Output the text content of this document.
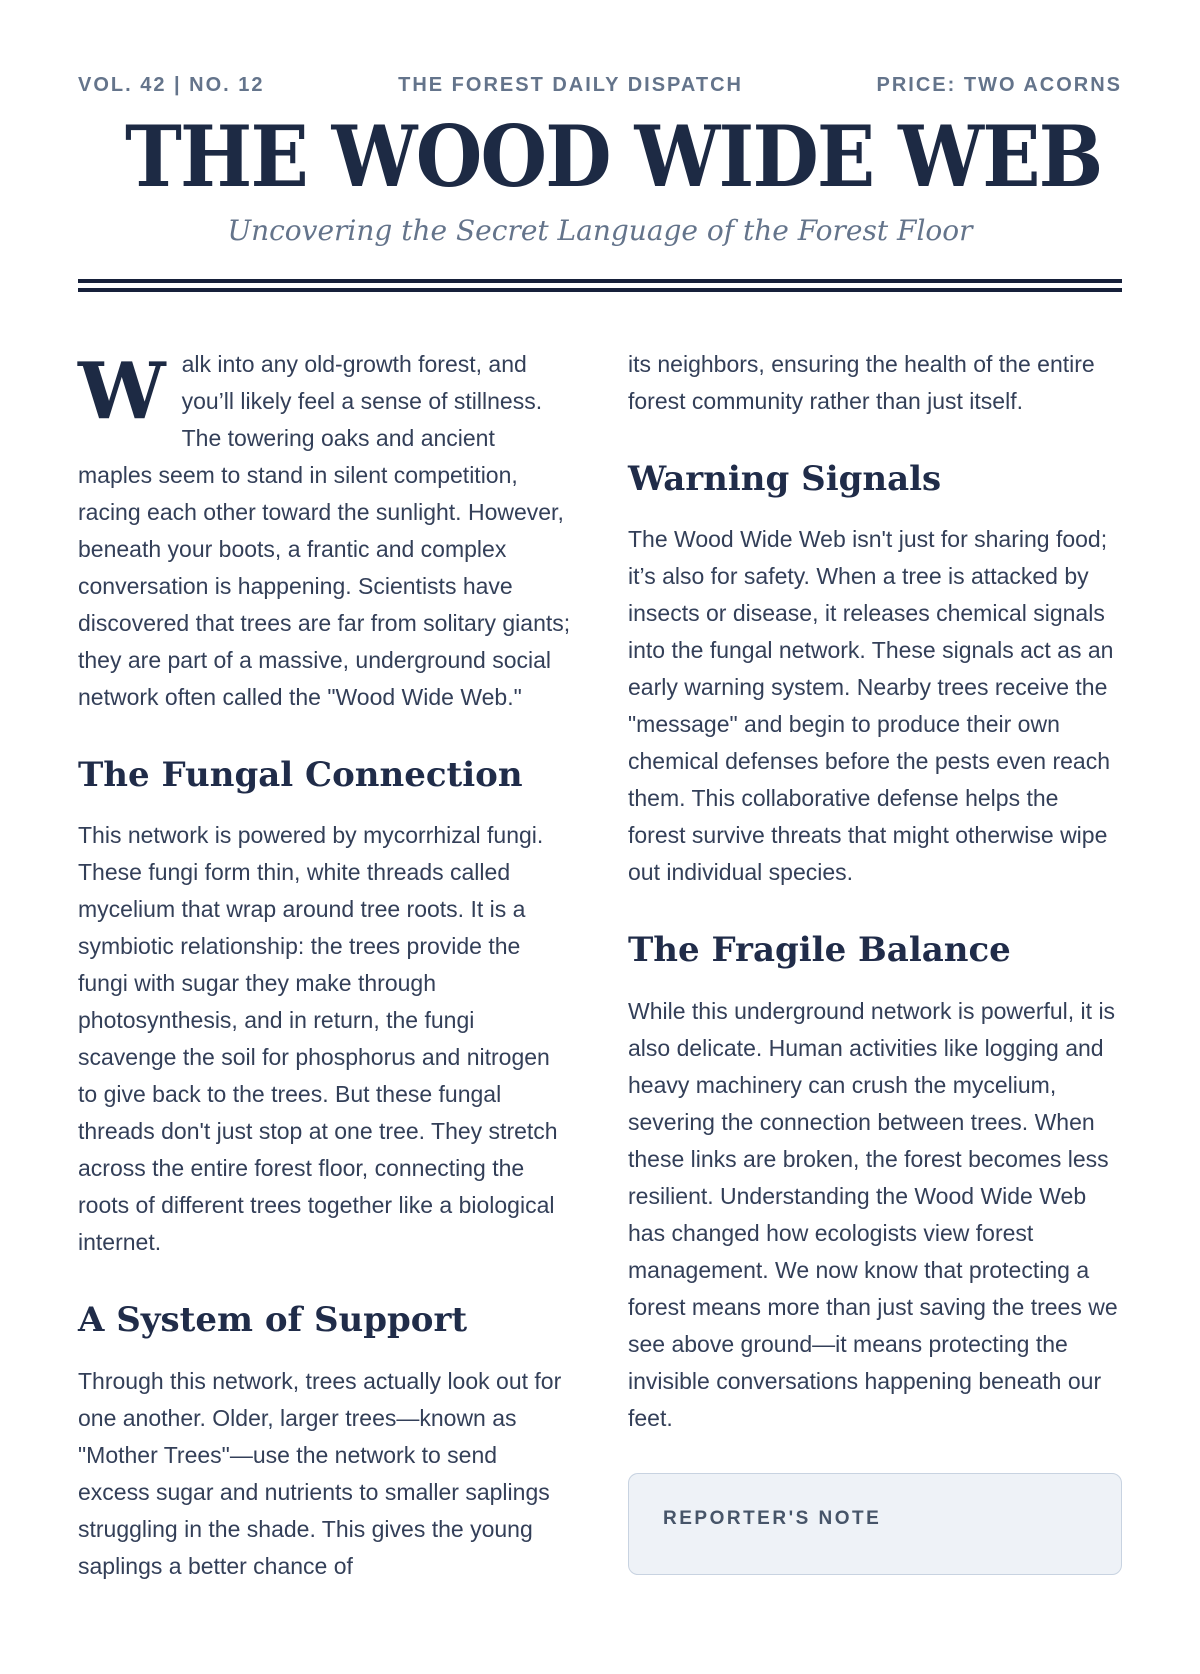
VOL. 42 | NO. 12	THE FOREST DAILY DISPATCH	PRICE: TWO ACORNS
THE WOOD WIDE WEB
Uncovering the Secret Language of the Forest Floor

Walk into any old-growth forest, and you’ll likely feel a sense of stillness. The towering oaks and ancient maples seem to stand in silent competition, racing each other toward the sunlight. However, beneath your boots, a frantic and complex conversation is happening. Scientists have discovered that trees are far from solitary giants; they are part of a massive, underground social network often called the "Wood Wide Web."

The Fungal Connection

This network is powered by mycorrhizal fungi. These fungi form thin, white threads called mycelium that wrap around tree roots. It is a symbiotic relationship: the trees provide the fungi with sugar they make through photosynthesis, and in return, the fungi scavenge the soil for phosphorus and nitrogen to give back to the trees. But these fungal threads don't just stop at one tree. They stretch across the entire forest floor, connecting the roots of different trees together like a biological internet.

A System of Support

Through this network, trees actually look out for one another. Older, larger trees—known as "Mother Trees"—use the network to send excess sugar and nutrients to smaller saplings struggling in the shade. This gives the young saplings a better chance of

its neighbors, ensuring the health of the entire forest community rather than just itself.

Warning Signals

The Wood Wide Web isn't just for sharing food; it’s also for safety. When a tree is attacked by insects or disease, it releases chemical signals into the fungal network. These signals act as an early warning system. Nearby trees receive the "message" and begin to produce their own chemical defenses before the pests even reach them. This collaborative defense helps the forest survive threats that might otherwise wipe out individual species.

The Fragile Balance

While this underground network is powerful, it is also delicate. Human activities like logging and heavy machinery can crush the mycelium, severing the connection between trees. When these links are broken, the forest becomes less resilient. Understanding the Wood Wide Web has changed how ecologists view forest management. We now know that protecting a forest means more than just saving the trees we see above ground—it means protecting the invisible conversations happening beneath our feet.

REPORTER'S NOTE
